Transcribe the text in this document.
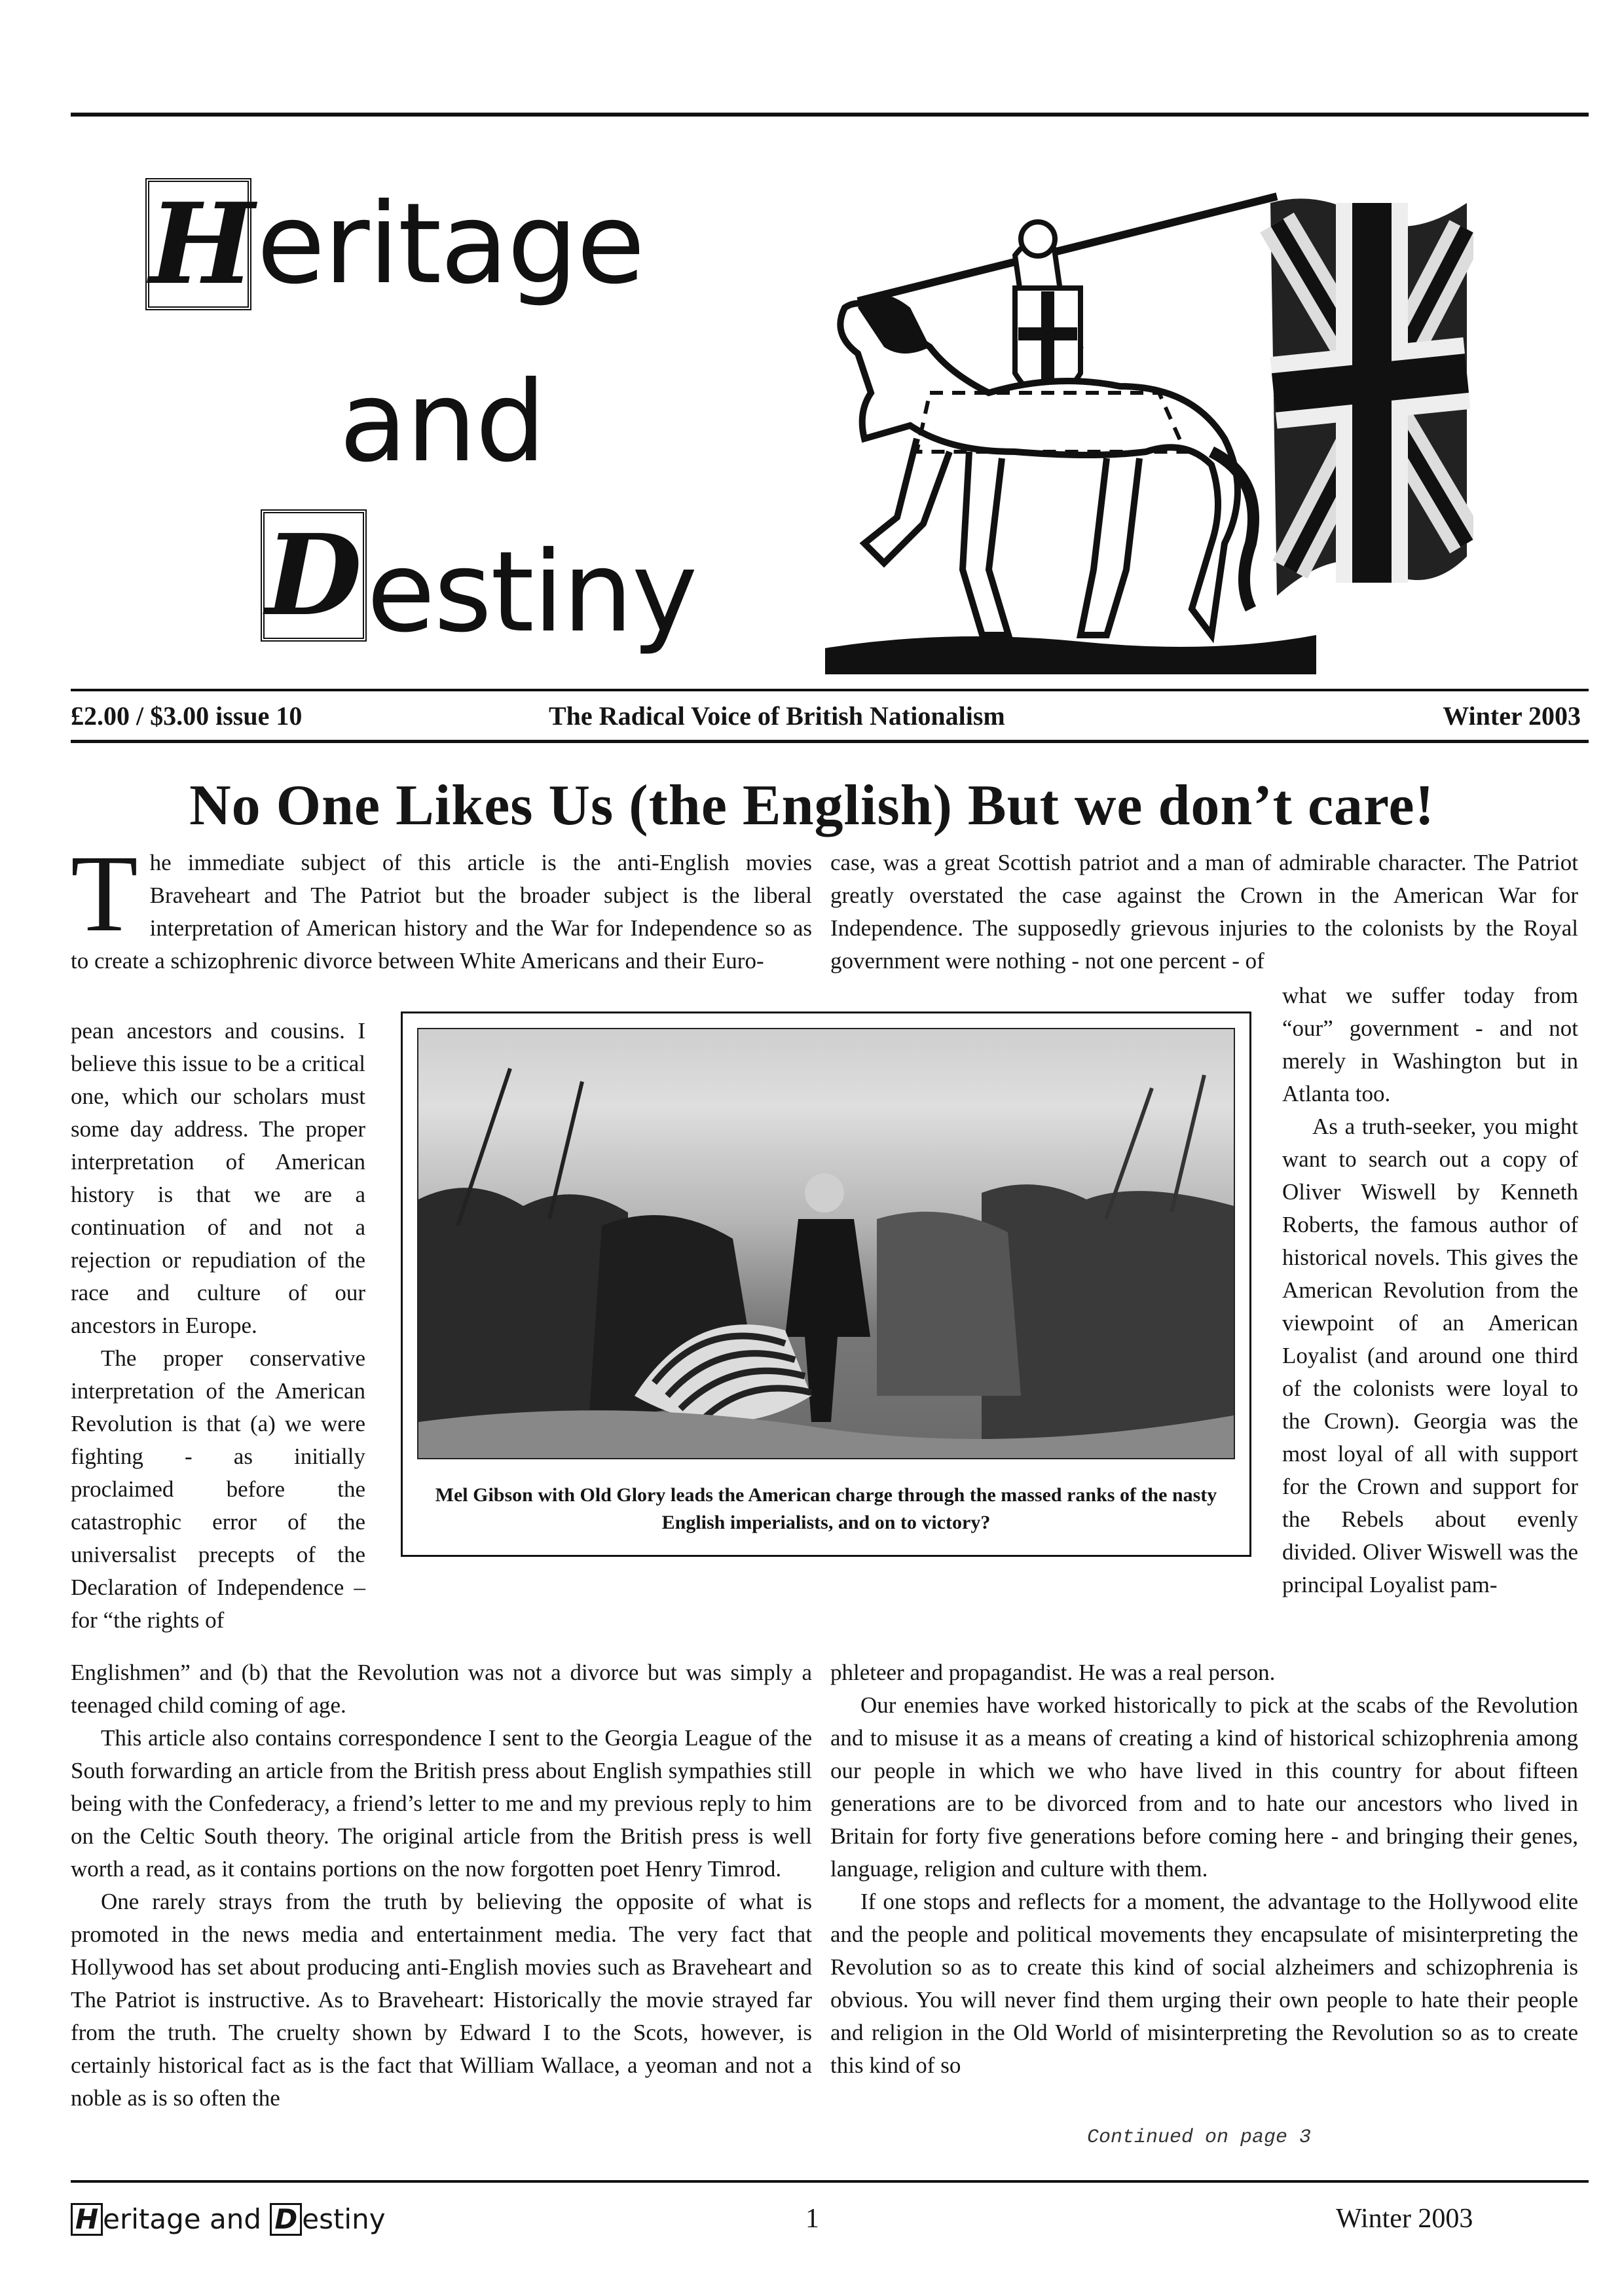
H eritage
and
D estiny
£2.00 / $3.00 issue 10	The Radical Voice of British Nationalism	Winter 2003
No One Likes Us (the English) But we don’t care!
The immediate subject of this article is the anti-English movies Braveheart and The Patriot but the broader subject is the liberal interpretation of American history and the War for Independence so as to create a schizophrenic divorce between White Americans and their Euro-

pean ancestors and cousins. I believe this issue to be a critical one, which our scholars must some day address. The proper interpretation of American history is that we are a continuation of and not a rejection or repudiation of the race and culture of our ancestors in Europe.

The proper conservative interpretation of the American Revolution is that (a) we were fighting - as initially proclaimed before the catastrophic error of the universalist precepts of the Declaration of Independence – for “the rights of

Englishmen” and (b) that the Revolution was not a divorce but was simply a teenaged child coming of age.

This article also contains correspondence I sent to the Georgia League of the South forwarding an article from the British press about English sympathies still being with the Confederacy, a friend’s letter to me and my previous reply to him on the Celtic South theory. The original article from the British press is well worth a read, as it contains portions on the now forgotten poet Henry Timrod.

One rarely strays from the truth by believing the opposite of what is promoted in the news media and entertainment media. The very fact that Hollywood has set about producing anti-English movies such as Braveheart and The Patriot is instructive. As to Braveheart: Historically the movie strayed far from the truth. The cruelty shown by Edward I to the Scots, however, is certainly historical fact as is the fact that William Wallace, a yeoman and not a noble as is so often the

case, was a great Scottish patriot and a man of admirable character. The Patriot greatly overstated the case against the Crown in the American War for Independence. The supposedly grievous injuries to the colonists by the Royal government were nothing - not one percent - of

what we suffer today from “our” government - and not merely in Washington but in Atlanta too.

As a truth-seeker, you might want to search out a copy of Oliver Wiswell by Kenneth Roberts, the famous author of historical novels. This gives the American Revolution from the viewpoint of an American Loyalist (and around one third of the colonists were loyal to the Crown). Georgia was the most loyal of all with support for the Crown and support for the Rebels about evenly divided. Oliver Wiswell was the principal Loyalist pam-

phleteer and propagandist. He was a real person.

Our enemies have worked historically to pick at the scabs of the Revolution and to misuse it as a means of creating a kind of historical schizophrenia among our people in which we who have lived in this country for about fifteen generations are to be divorced from and to hate our ancestors who lived in Britain for forty five generations before coming here - and bringing their genes, language, religion and culture with them.

If one stops and reflects for a moment, the advantage to the Hollywood elite and the people and political movements they encapsulate of misinterpreting the Revolution so as to create this kind of social alzheimers and schizophrenia is obvious. You will never find them urging their own people to hate their people and religion in the Old World of misinterpreting the Revolution so as to create this kind of so

Mel Gibson with Old Glory leads the American charge through the massed ranks of the nasty English imperialists, and on to victory?
Continued on page 3
H eritage and D estiny	1	Winter 2003
